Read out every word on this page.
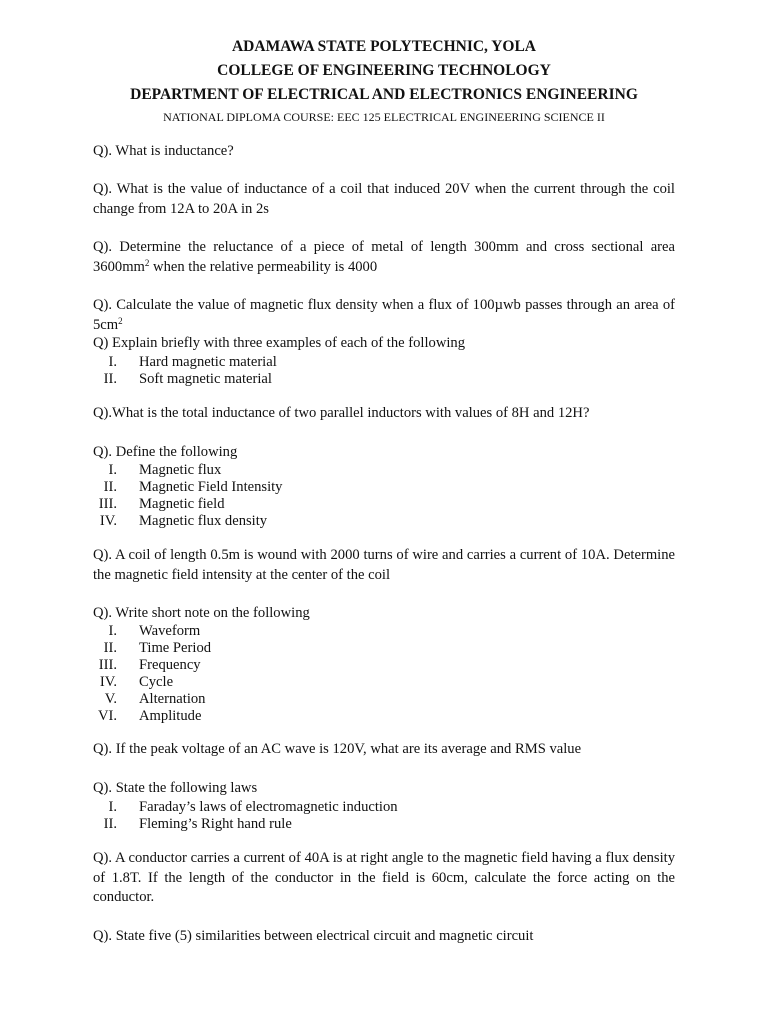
ADAMAWA STATE POLYTECHNIC, YOLA
COLLEGE OF ENGINEERING TECHNOLOGY
DEPARTMENT OF ELECTRICAL AND ELECTRONICS ENGINEERING
NATIONAL DIPLOMA COURSE: EEC 125 ELECTRICAL ENGINEERING SCIENCE II
Q). What is inductance?
Q). What is the value of inductance of a coil that induced 20V when the current through the coil change from 12A to 20A in 2s
Q). Determine the reluctance of a piece of metal of length 300mm and cross sectional area $3600mm^2$ when the relative permeability is 4000
Q). Calculate the value of magnetic flux density when a flux of 100µwb passes through an area of $5cm^2$
Q) Explain briefly with three examples of each of the following
I. Hard magnetic material
II. Soft magnetic material
Q).What is the total inductance of two parallel inductors with values of 8H and 12H?
Q). Define the following
I. Magnetic flux
II. Magnetic Field Intensity
III. Magnetic field
IV. Magnetic flux density
Q). A coil of length 0.5m is wound with 2000 turns of wire and carries a current of 10A. Determine the magnetic field intensity at the center of the coil
Q). Write short note on the following
I. Waveform
II. Time Period
III. Frequency
IV. Cycle
V. Alternation
VI. Amplitude
Q). If the peak voltage of an AC wave is 120V, what are its average and RMS value
Q). State the following laws
I. Faraday’s laws of electromagnetic induction
II. Fleming’s Right hand rule
Q). A conductor carries a current of 40A is at right angle to the magnetic field having a flux density of 1.8T. If the length of the conductor in the field is 60cm, calculate the force acting on the conductor.
Q). State five (5) similarities between electrical circuit and magnetic circuit
